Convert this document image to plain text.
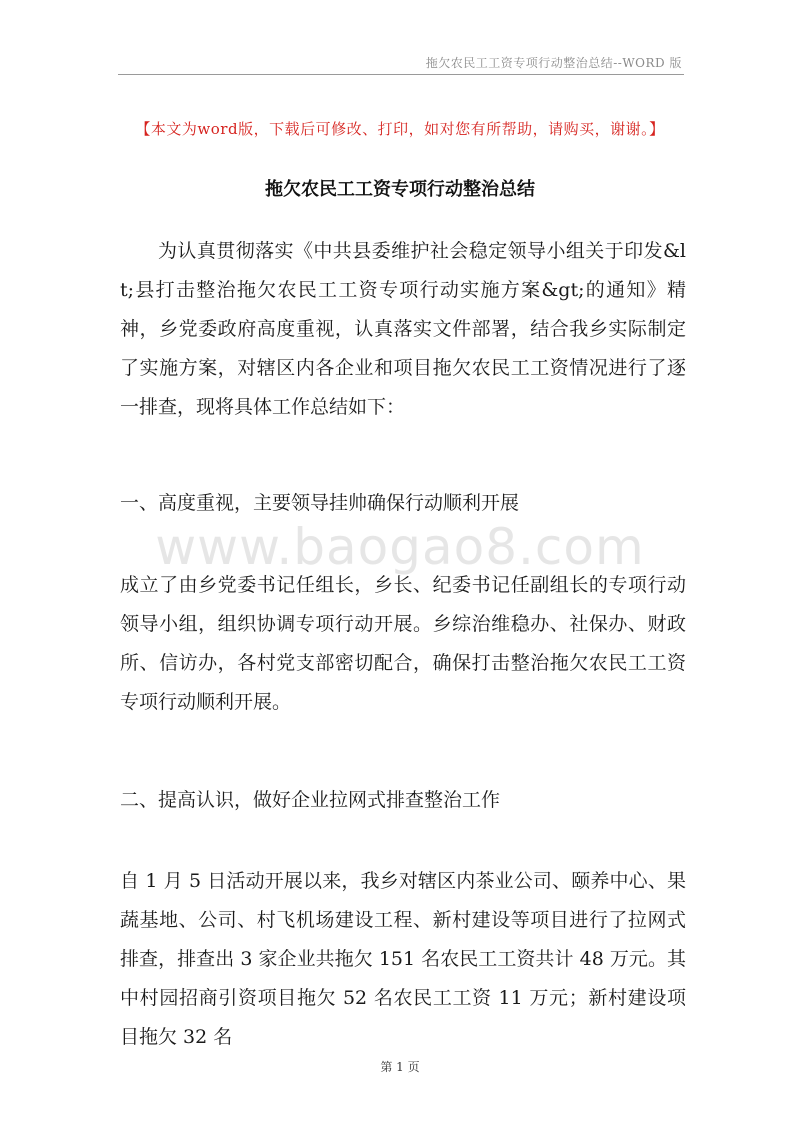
拖欠农民工工资专项行动整治总结--WORD 版
【本文为word版，下载后可修改、打印，如对您有所帮助，请购买，谢谢。】
拖欠农民工工资专项行动整治总结

为认真贯彻落实《中共县委维护社会稳定领导小组关于印发&lt;县打击整治拖欠农民工工资专项行动实施方案&gt;的通知》精神，乡党委政府高度重视，认真落实文件部署，结合我乡实际制定了实施方案，对辖区内各企业和项目拖欠农民工工资情况进行了逐一排查，现将具体工作总结如下：

一、高度重视，主要领导挂帅确保行动顺利开展

www.baogao8.com

成立了由乡党委书记任组长，乡长、纪委书记任副组长的专项行动领导小组，组织协调专项行动开展。乡综治维稳办、社保办、财政所、信访办，各村党支部密切配合，确保打击整治拖欠农民工工资专项行动顺利开展。

二、提高认识，做好企业拉网式排查整治工作

自 1 月 5 日活动开展以来，我乡对辖区内茶业公司、颐养中心、果蔬基地、公司、村飞机场建设工程、新村建设等项目进行了拉网式排查，排查出 3 家企业共拖欠 151 名农民工工资共计 48 万元。其中村园招商引资项目拖欠 52 名农民工工资 11 万元；新村建设项目拖欠 32 名

第 1 页
